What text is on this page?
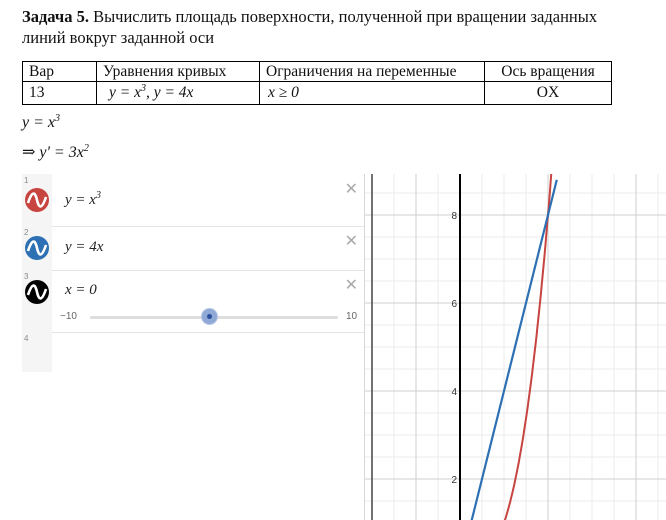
Задача 5. Вычислить площадь поверхности, полученной при вращении заданных линий вокруг заданной оси
Вар	Уравнения кривых	Ограничения на переменные	Ось вращения
13	$y = x^3$, y = 4x	x ≥ 0	OX
$y = x^3$
⇒ $y' = 3x^2$
1
$y = x^3$	✕
2
y = 4x	✕
3
x = 0	✕
−10	10
4
8
6
4
2
